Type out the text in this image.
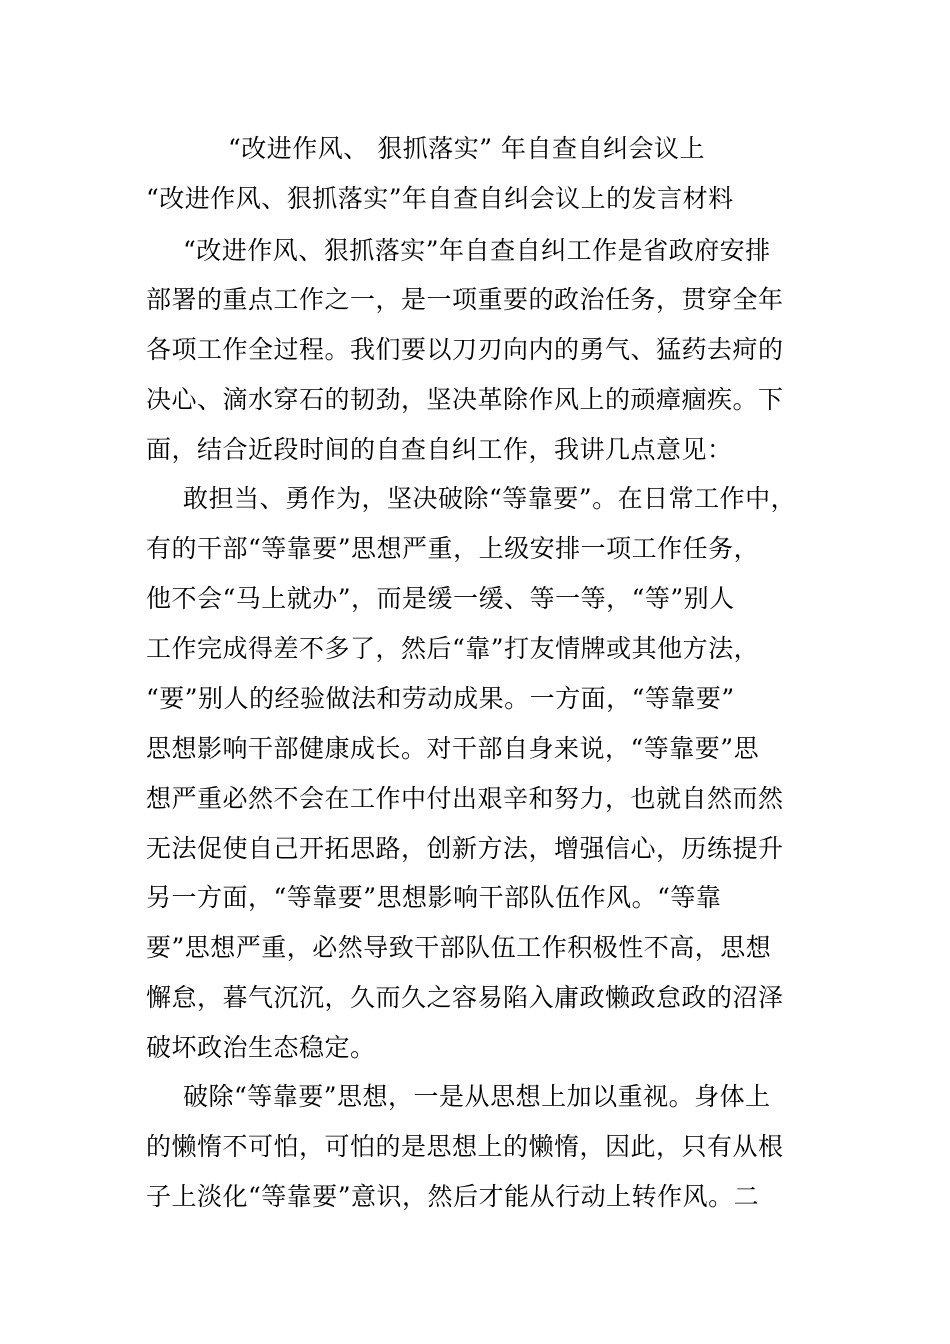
“改进作风、 狠抓落实” 年自查自纠会议上
“改进作风、狠抓落实”年自查自纠会议上的发言材料
“改进作风、狠抓落实”年自查自纠工作是省政府安排
部署的重点工作之一，是一项重要的政治任务，贯穿全年
各项工作全过程。我们要以刀刃向内的勇气、猛药去疴的
决心、滴水穿石的韧劲，坚决革除作风上的顽瘴痼疾。下
面，结合近段时间的自查自纠工作，我讲几点意见：
敢担当、勇作为，坚决破除“等靠要”。在日常工作中，
有的干部“等靠要”思想严重，上级安排一项工作任务，
他不会“马上就办”，而是缓一缓、等一等，“等”别人
工作完成得差不多了，然后“靠”打友情牌或其他方法，
“要”别人的经验做法和劳动成果。一方面，“等靠要”
思想影响干部健康成长。对干部自身来说，“等靠要”思
想严重必然不会在工作中付出艰辛和努力，也就自然而然
无法促使自己开拓思路，创新方法，增强信心，历练提升
另一方面，“等靠要”思想影响干部队伍作风。“等靠
要”思想严重，必然导致干部队伍工作积极性不高，思想
懈怠，暮气沉沉，久而久之容易陷入庸政懒政怠政的沼泽
破坏政治生态稳定。
破除“等靠要”思想，一是从思想上加以重视。身体上
的懒惰不可怕，可怕的是思想上的懒惰，因此，只有从根
子上淡化“等靠要”意识，然后才能从行动上转作风。二
